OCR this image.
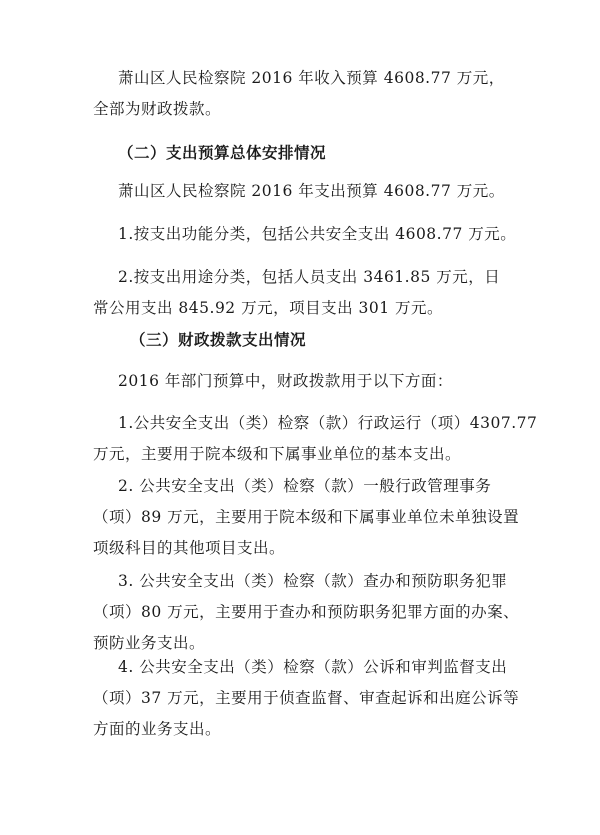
萧山区人民检察院 2016 年收入预算 4608.77 万元，
全部为财政拨款。

（二）支出预算总体安排情况

萧山区人民检察院 2016 年支出预算 4608.77 万元。

1.按支出功能分类，包括公共安全支出 4608.77 万元。

2.按支出用途分类，包括人员支出 3461.85 万元，日
常公用支出 845.92 万元，项目支出 301 万元。

（三）财政拨款支出情况

2016 年部门预算中，财政拨款用于以下方面：

1.公共安全支出（类）检察（款）行政运行（项）4307.77
万元，主要用于院本级和下属事业单位的基本支出。

2. 公共安全支出（类）检察（款）一般行政管理事务
（项）89 万元，主要用于院本级和下属事业单位未单独设置
项级科目的其他项目支出。

3. 公共安全支出（类）检察（款）查办和预防职务犯罪
（项）80 万元，主要用于查办和预防职务犯罪方面的办案、
预防业务支出。

4. 公共安全支出（类）检察（款）公诉和审判监督支出
（项）37 万元，主要用于侦查监督、审查起诉和出庭公诉等
方面的业务支出。
